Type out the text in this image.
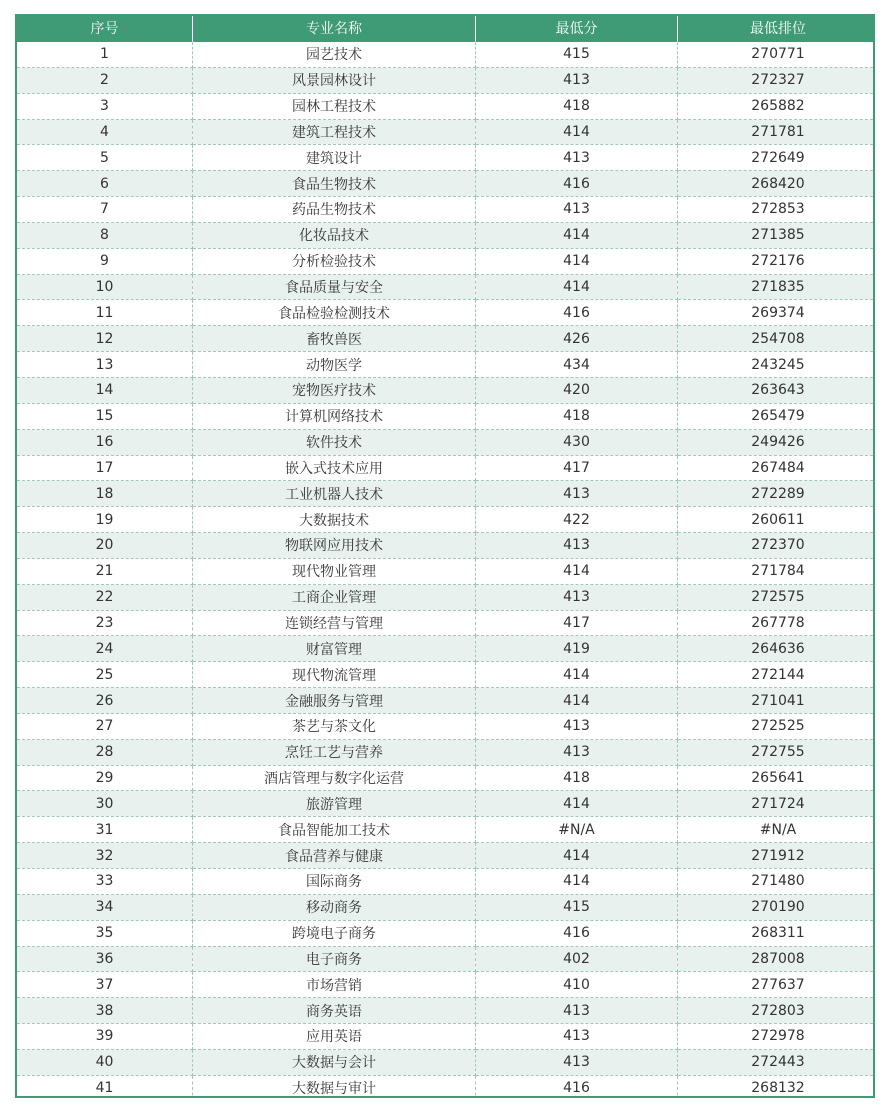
序号	专业名称	最低分	最低排位
1	园艺技术	415	270771
2	风景园林设计	413	272327
3	园林工程技术	418	265882
4	建筑工程技术	414	271781
5	建筑设计	413	272649
6	食品生物技术	416	268420
7	药品生物技术	413	272853
8	化妆品技术	414	271385
9	分析检验技术	414	272176
10	食品质量与安全	414	271835
11	食品检验检测技术	416	269374
12	畜牧兽医	426	254708
13	动物医学	434	243245
14	宠物医疗技术	420	263643
15	计算机网络技术	418	265479
16	软件技术	430	249426
17	嵌入式技术应用	417	267484
18	工业机器人技术	413	272289
19	大数据技术	422	260611
20	物联网应用技术	413	272370
21	现代物业管理	414	271784
22	工商企业管理	413	272575
23	连锁经营与管理	417	267778
24	财富管理	419	264636
25	现代物流管理	414	272144
26	金融服务与管理	414	271041
27	茶艺与茶文化	413	272525
28	烹饪工艺与营养	413	272755
29	酒店管理与数字化运营	418	265641
30	旅游管理	414	271724
31	食品智能加工技术	#N/A	#N/A
32	食品营养与健康	414	271912
33	国际商务	414	271480
34	移动商务	415	270190
35	跨境电子商务	416	268311
36	电子商务	402	287008
37	市场营销	410	277637
38	商务英语	413	272803
39	应用英语	413	272978
40	大数据与会计	413	272443
41	大数据与审计	416	268132
